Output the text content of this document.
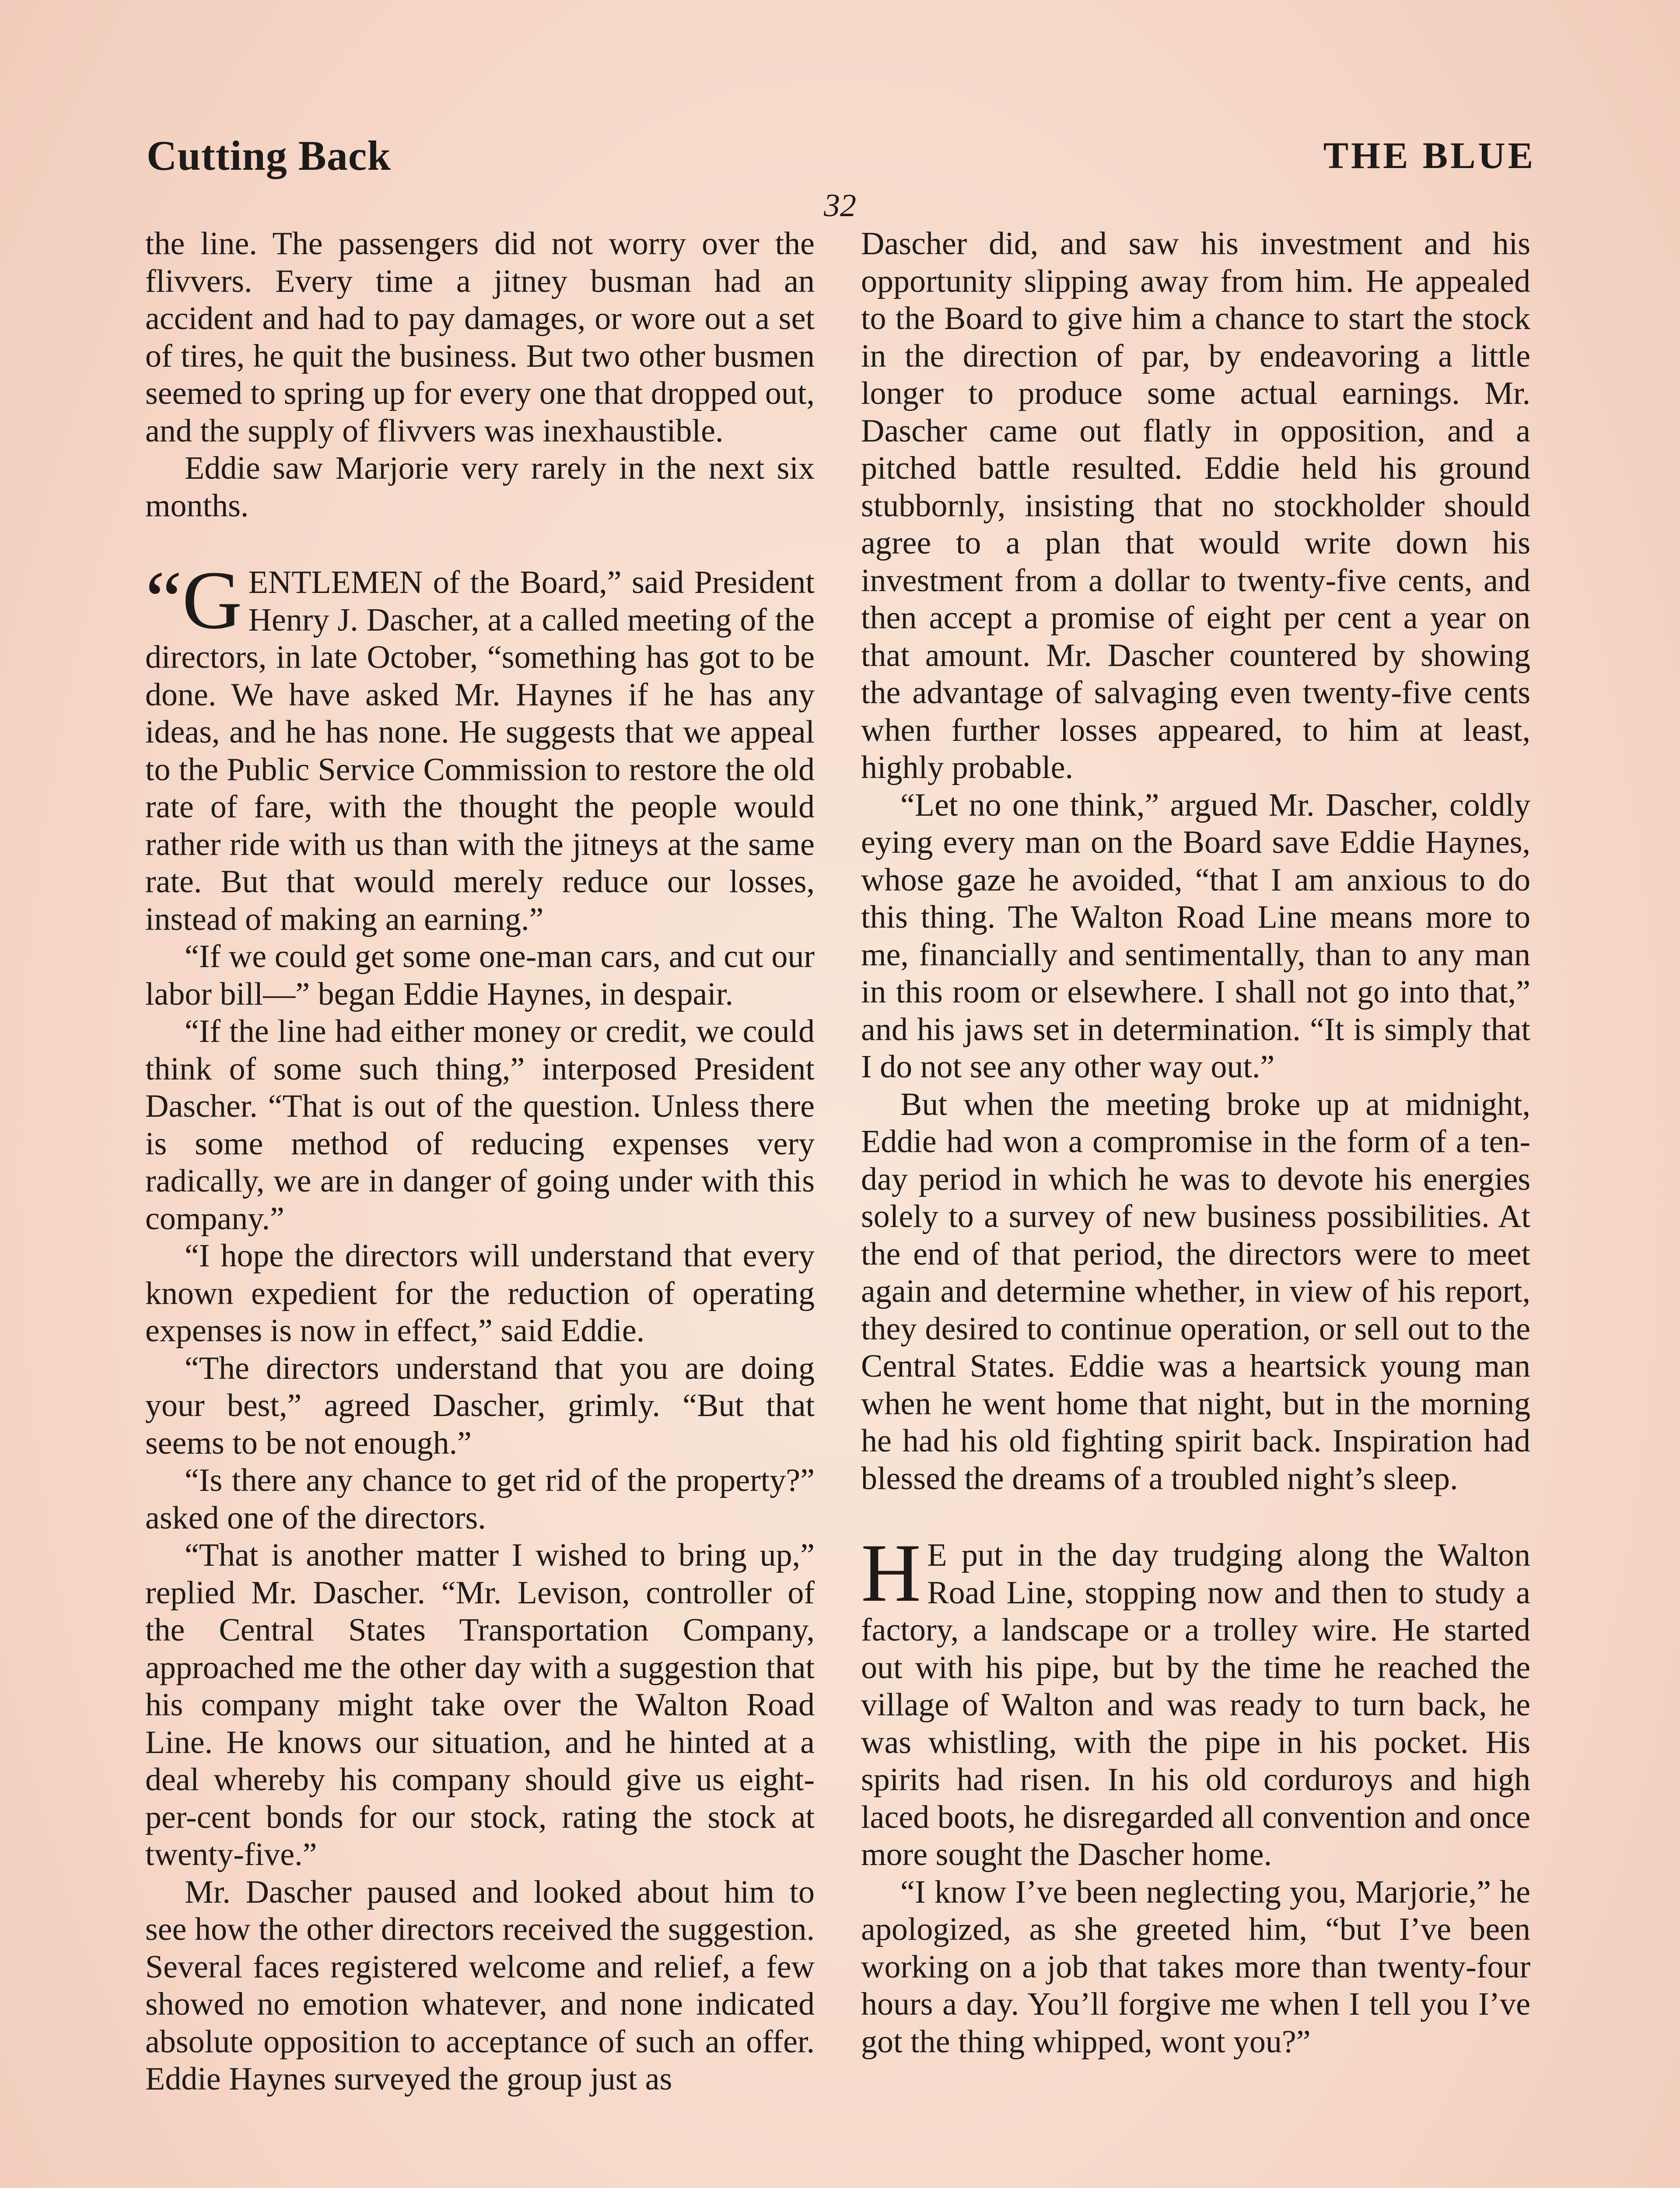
Cutting Back	THE BLUE
32

the line. The passengers did not worry over the flivvers. Every time a jitney busman had an accident and had to pay damages, or wore out a set of tires, he quit the business. But two other busmen seemed to spring up for every one that dropped out, and the supply of flivvers was inexhaustible.

Eddie saw Marjorie very rarely in the next six months.

“GENTLEMEN of the Board,” said President Henry J. Dascher, at a called meeting of the directors, in late October, “something has got to be done. We have asked Mr. Haynes if he has any ideas, and he has none. He suggests that we appeal to the Public Service Commission to restore the old rate of fare, with the thought the people would rather ride with us than with the jitneys at the same rate. But that would merely reduce our losses, instead of making an earning.”

“If we could get some one-man cars, and cut our labor bill—” began Eddie Haynes, in despair.

“If the line had either money or credit, we could think of some such thing,” interposed President Dascher. “That is out of the question. Unless there is some method of reducing expenses very radically, we are in danger of going under with this company.”

“I hope the directors will understand that every known expedient for the reduction of operating expenses is now in effect,” said Eddie.

“The directors understand that you are doing your best,” agreed Dascher, grimly. “But that seems to be not enough.”

“Is there any chance to get rid of the property?” asked one of the directors.

“That is another matter I wished to bring up,” replied Mr. Dascher. “Mr. Levison, controller of the Central States Transportation Company, approached me the other day with a suggestion that his company might take over the Walton Road Line. He knows our situation, and he hinted at a deal whereby his company should give us eight-per-cent bonds for our stock, rating the stock at twenty-five.”

Mr. Dascher paused and looked about him to see how the other directors received the suggestion. Several faces registered welcome and relief, a few showed no emotion whatever, and none indicated absolute opposition to acceptance of such an offer. Eddie Haynes surveyed the group just as

Dascher did, and saw his investment and his opportunity slipping away from him. He appealed to the Board to give him a chance to start the stock in the direction of par, by endeavoring a little longer to produce some actual earnings. Mr. Dascher came out flatly in opposition, and a pitched battle resulted. Eddie held his ground stubbornly, insisting that no stockholder should agree to a plan that would write down his investment from a dollar to twenty-five cents, and then accept a promise of eight per cent a year on that amount. Mr. Dascher countered by showing the advantage of salvaging even twenty-five cents when further losses appeared, to him at least, highly probable.

“Let no one think,” argued Mr. Dascher, coldly eying every man on the Board save Eddie Haynes, whose gaze he avoided, “that I am anxious to do this thing. The Walton Road Line means more to me, financially and sentimentally, than to any man in this room or elsewhere. I shall not go into that,” and his jaws set in determination. “It is simply that I do not see any other way out.”

But when the meeting broke up at midnight, Eddie had won a compromise in the form of a ten-day period in which he was to devote his energies solely to a survey of new business possibilities. At the end of that period, the directors were to meet again and determine whether, in view of his report, they desired to continue operation, or sell out to the Central States. Eddie was a heartsick young man when he went home that night, but in the morning he had his old fighting spirit back. Inspiration had blessed the dreams of a troubled night’s sleep.

H E put in the day trudging along the Walton Road Line, stopping now and then to study a factory, a landscape or a trolley wire. He started out with his pipe, but by the time he reached the village of Walton and was ready to turn back, he was whistling, with the pipe in his pocket. His spirits had risen. In his old corduroys and high laced boots, he disregarded all convention and once more sought the Dascher home.

“I know I’ve been neglecting you, Marjorie,” he apologized, as she greeted him, “but I’ve been working on a job that takes more than twenty-four hours a day. You’ll forgive me when I tell you I’ve got the thing whipped, wont you?”
